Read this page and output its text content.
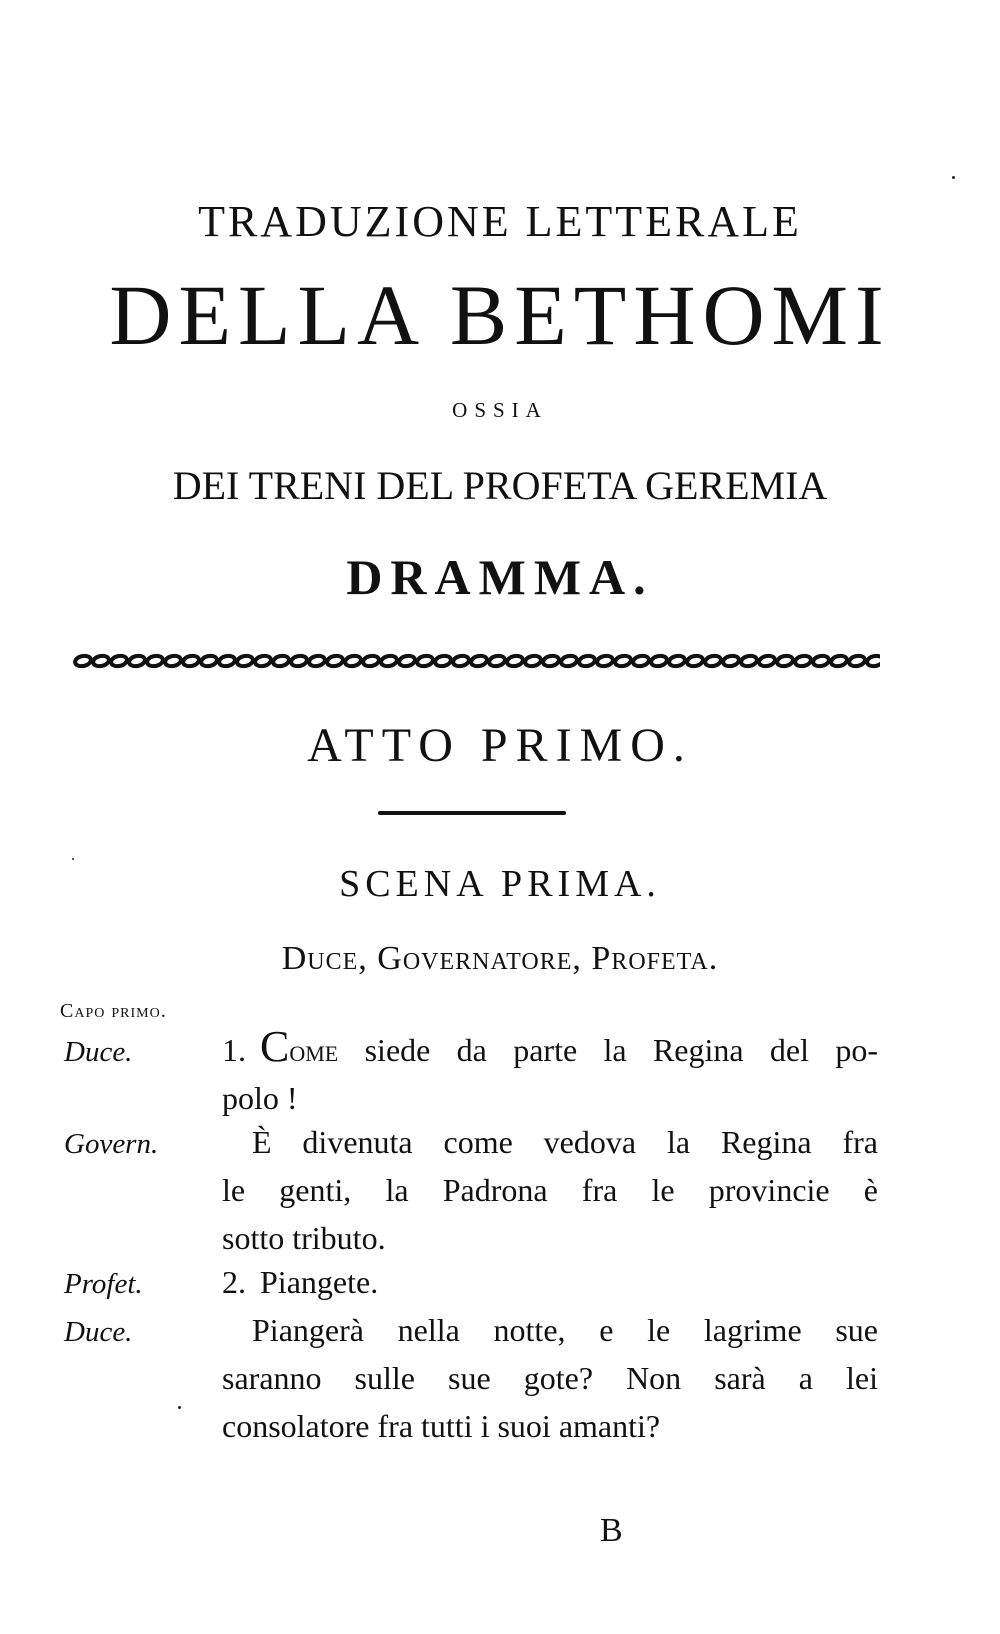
TRADUZIONE LETTERALE
DELLA BETHOMI
OSSIA
DEI TRENI DEL PROFETA GEREMIA
DRAMMA.
ATTO PRIMO.
SCENA PRIMA.
Duce, Governatore, Profeta.
Capo primo.
Duce.	1. Come siede da parte la Regina del po-
polo !
Govern.	È divenuta come vedova la Regina fra
le genti, la Padrona fra le provincie è
sotto tributo.
Profet. 2. Piangete.
Duce.	Piangerà nella notte, e le lagrime sue
saranno sulle sue gote? Non sarà a lei
consolatore fra tutti i suoi amanti?
B
